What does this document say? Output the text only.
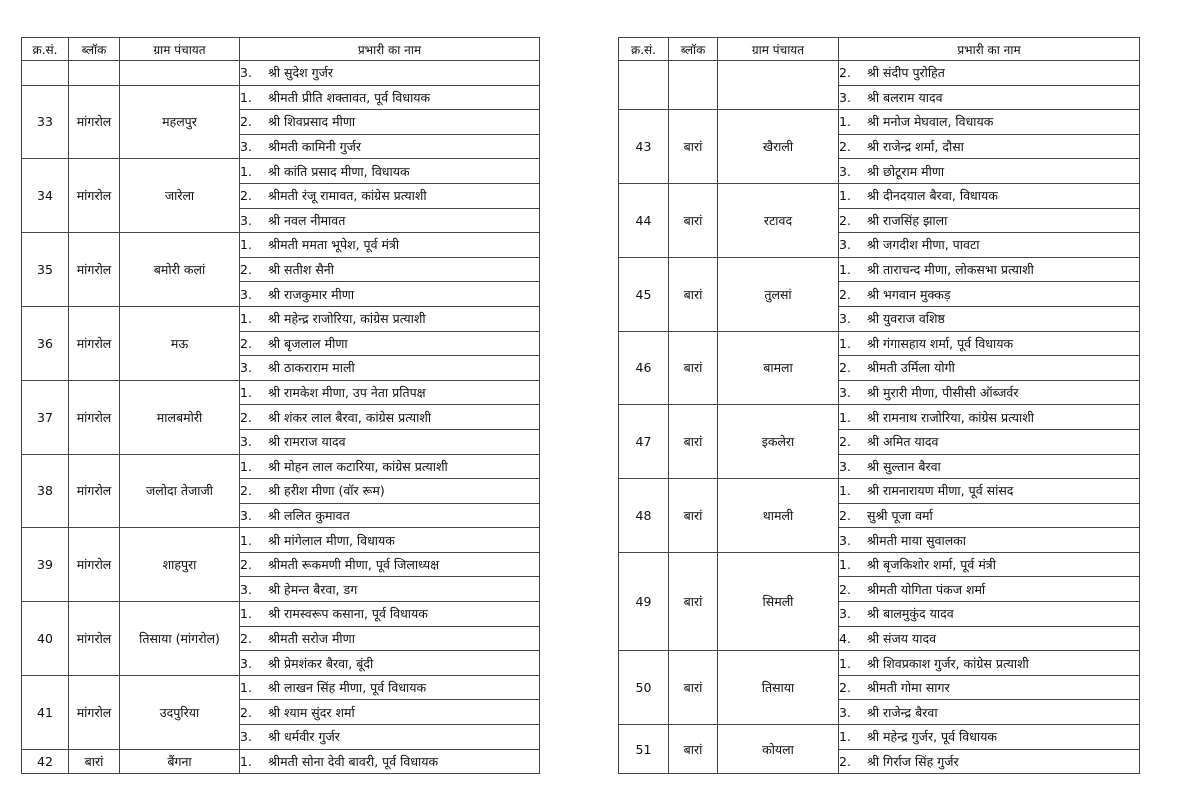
क्र.सं.	ब्लॉक	ग्राम पंचायत	प्रभारी का नाम
			3. श्री सुदेश गुर्जर
33	मांगरोल	महलपुर	1. श्रीमती प्रीति शक्तावत, पूर्व विधायक
			2. श्री शिवप्रसाद मीणा
			3. श्रीमती कामिनी गुर्जर
34	मांगरोल	जारेला	1. श्री कांति प्रसाद मीणा, विधायक
			2. श्रीमती रंजू रामावत, कांग्रेस प्रत्याशी
			3. श्री नवल नीमावत
35	मांगरोल	बमोरी कलां	1. श्रीमती ममता भूपेश, पूर्व मंत्री
			2. श्री सतीश सैनी
			3. श्री राजकुमार मीणा
36	मांगरोल	मऊ	1. श्री महेन्द्र राजोरिया, कांग्रेस प्रत्याशी
			2. श्री बृजलाल मीणा
			3. श्री ठाकराराम माली
37	मांगरोल	मालबमोरी	1. श्री रामकेश मीणा, उप नेता प्रतिपक्ष
			2. श्री शंकर लाल बैरवा, कांग्रेस प्रत्याशी
			3. श्री रामराज यादव
38	मांगरोल	जलोदा तेजाजी	1. श्री मोहन लाल कटारिया, कांग्रेस प्रत्याशी
			2. श्री हरीश मीणा (वॉर रूम)
			3. श्री ललित कुमावत
39	मांगरोल	शाहपुरा	1. श्री मांगेलाल मीणा, विधायक
			2. श्रीमती रूकमणी मीणा, पूर्व जिलाध्यक्ष
			3. श्री हेमन्त बैरवा, डग
40	मांगरोल	तिसाया (मांगरोल)	1. श्री रामस्वरूप कसाना, पूर्व विधायक
			2. श्रीमती सरोज मीणा
			3. श्री प्रेमशंकर बैरवा, बूंदी
41	मांगरोल	उदपुरिया	1. श्री लाखन सिंह मीणा, पूर्व विधायक
			2. श्री श्याम सुंदर शर्मा
			3. श्री धर्मवीर गुर्जर
42	बारां	बैंगना	1. श्रीमती सोना देवी बावरी, पूर्व विधायक
क्र.सं.	ब्लॉक	ग्राम पंचायत	प्रभारी का नाम
			2. श्री संदीप पुरोहित
			3. श्री बलराम यादव
43	बारां	खैराली	1. श्री मनोज मेघवाल, विधायक
			2. श्री राजेन्द्र शर्मा, दौसा
			3. श्री छोटूराम मीणा
44	बारां	रटावद	1. श्री दीनदयाल बैरवा, विधायक
			2. श्री राजसिंह झाला
			3. श्री जगदीश मीणा, पावटा
45	बारां	तुलसां	1. श्री ताराचन्द मीणा, लोकसभा प्रत्याशी
			2. श्री भगवान मुक्कड़
			3. श्री युवराज वशिष्ठ
46	बारां	बामला	1. श्री गंगासहाय शर्मा, पूर्व विधायक
			2. श्रीमती उर्मिला योगी
			3. श्री मुरारी मीणा, पीसीसी ऑब्जर्वर
47	बारां	इकलेरा	1. श्री रामनाथ राजोरिया, कांग्रेस प्रत्याशी
			2. श्री अमित यादव
			3. श्री सुल्तान बैरवा
48	बारां	थामली	1. श्री रामनारायण मीणा, पूर्व सांसद
			2. सुश्री पूजा वर्मा
			3. श्रीमती माया सुवालका
49	बारां	सिमली	1. श्री बृजकिशोर शर्मा, पूर्व मंत्री
			2. श्रीमती योगिता पंकज शर्मा
			3. श्री बालमुकुंद यादव
			4. श्री संजय यादव
50	बारां	तिसाया	1. श्री शिवप्रकाश गुर्जर, कांग्रेस प्रत्याशी
			2. श्रीमती गोमा सागर
			3. श्री राजेन्द्र बैरवा
51	बारां	कोयला	1. श्री महेन्द्र गुर्जर, पूर्व विधायक
			2. श्री गिर्राज सिंह गुर्जर
